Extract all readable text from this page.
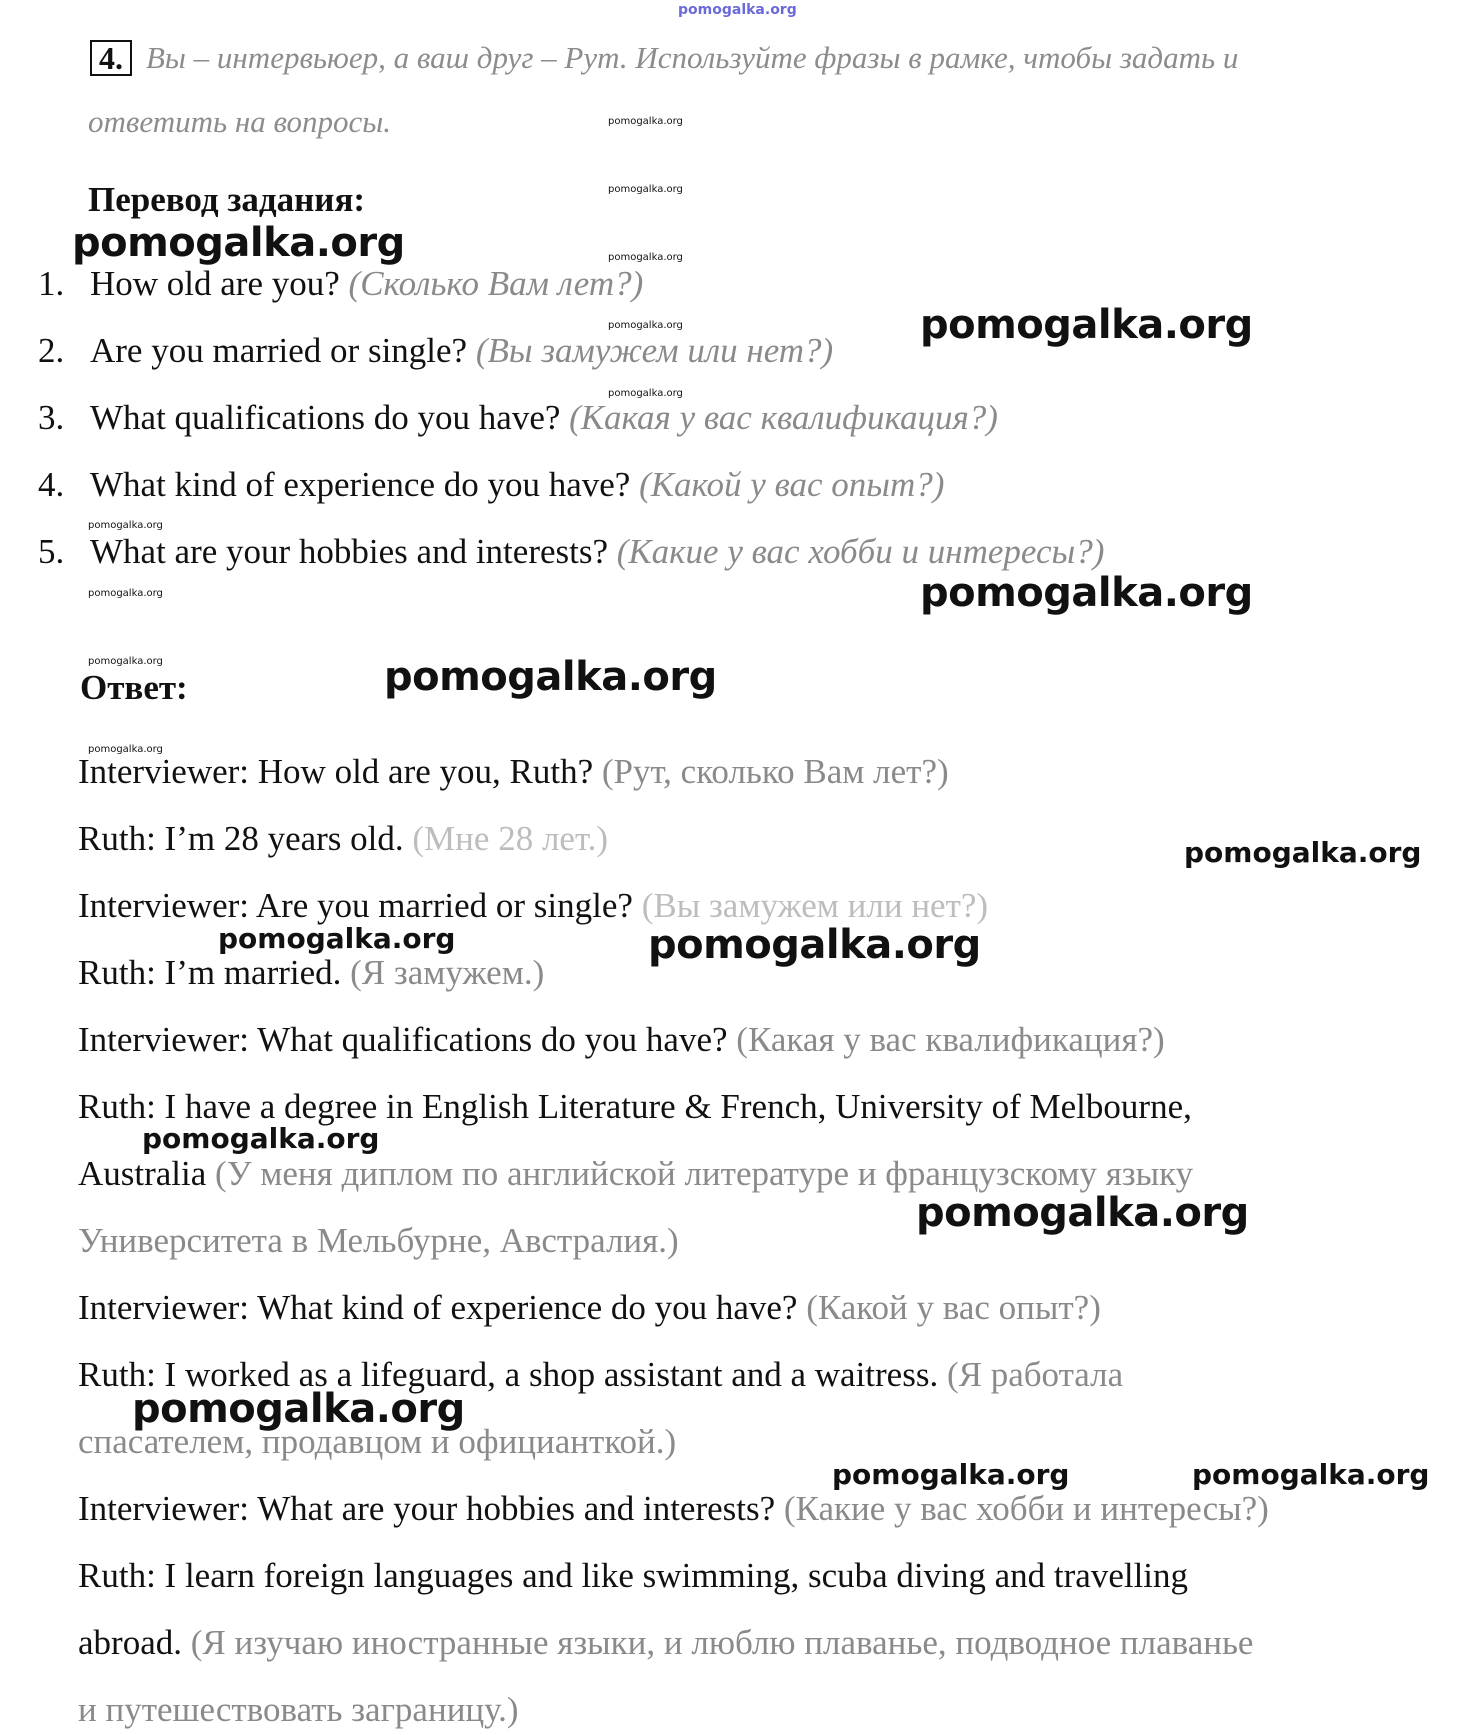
pomogalka.org
4. Вы – интервьюер, а ваш друг – Рут. Используйте фразы в рамке, чтобы задать и
ответить на вопросы.	pomogalka.org
pomogalka.org
pomogalka.org
pomogalka.org
pomogalka.org
Перевод задания:
pomogalka.org
1. How old are you? (Сколько Вам лет?)
2. Are you married or single? (Вы замужем или нет?)
3. What qualifications do you have? (Какая у вас квалификация?)
4. What kind of experience do you have? (Какой у вас опыт?)
pomogalka.org
5. What are your hobbies and interests? (Какие у вас хобби и интересы?)
pomogalka.org
pomogalka.org
pomogalka.org
pomogalka.org
Ответ:	pomogalka.org
pomogalka.org
Interviewer: How old are you, Ruth? (Рут, сколько Вам лет?)
Ruth: I’m 28 years old. (Мне 28 лет.)	pomogalka.org
Interviewer: Are you married or single? (Вы замужем или нет?)
pomogalka.org	pomogalka.org
Ruth: I’m married. (Я замужем.)
Interviewer: What qualifications do you have? (Какая у вас квалификация?)
Ruth: I have a degree in English Literature & French, University of Melbourne,
pomogalka.org
Australia (У меня диплом по английской литературе и французскому языку
Университета в Мельбурне, Австралия.)
pomogalka.org
Interviewer: What kind of experience do you have? (Какой у вас опыт?)
Ruth: I worked as a lifeguard, a shop assistant and a waitress. (Я работала
pomogalka.org
спасателем, продавцом и официанткой.)
pomogalka.org	pomogalka.org
Interviewer: What are your hobbies and interests? (Какие у вас хобби и интересы?)
Ruth: I learn foreign languages and like swimming, scuba diving and travelling
abroad. (Я изучаю иностранные языки, и люблю плаванье, подводное плаванье
и путешествовать заграницу.)
